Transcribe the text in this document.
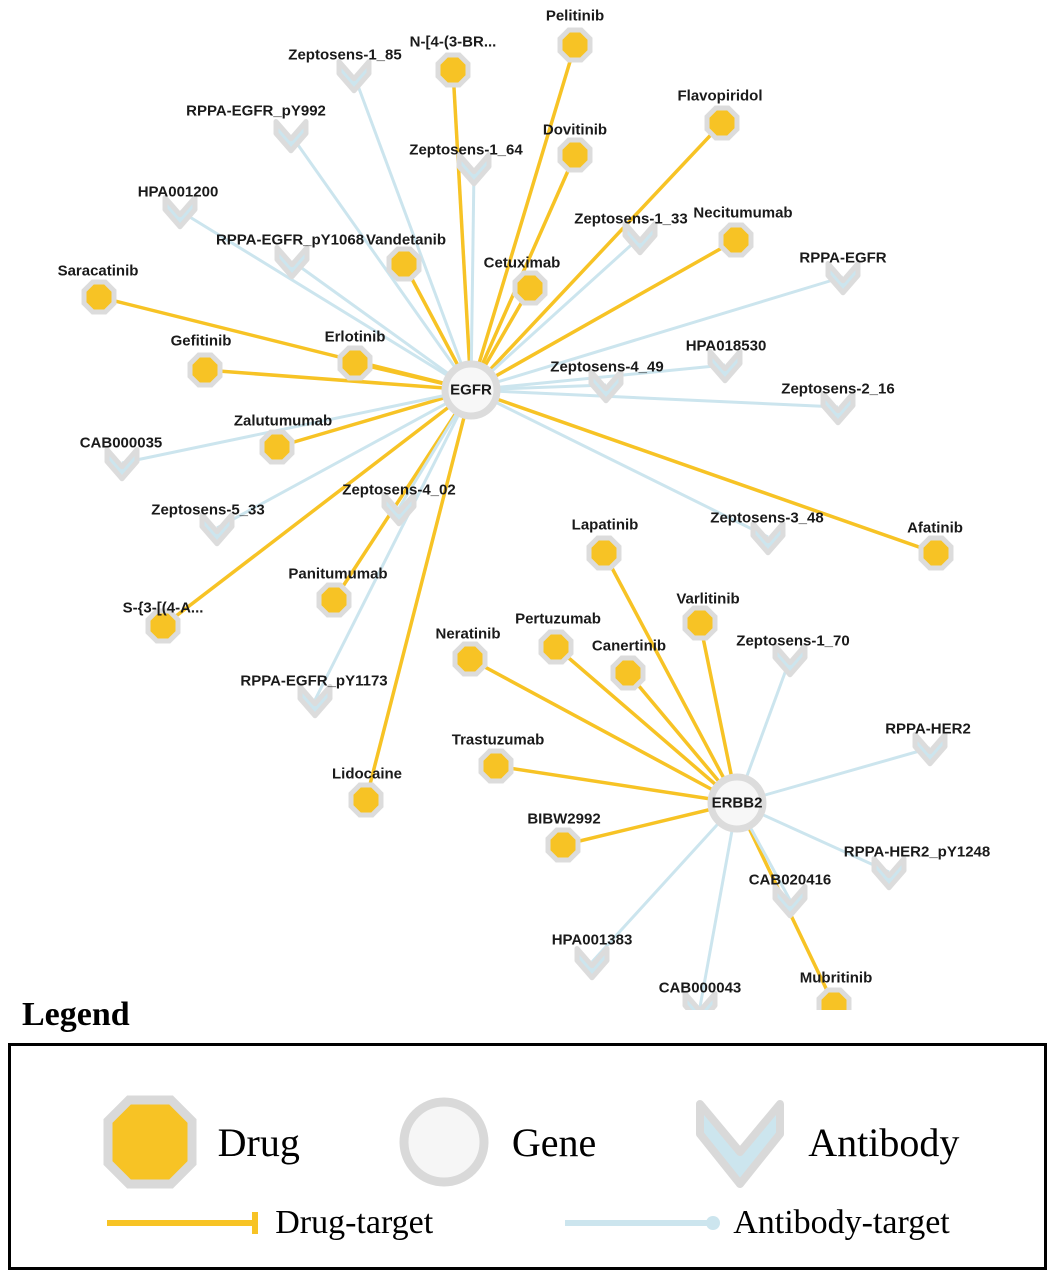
Zeptosens-1_85
RPPA-EGFR_pY992
Zeptosens-1_64
HPA001200
Zeptosens-1_33
RPPA-EGFR_pY1068
RPPA-EGFR
HPA018530
Zeptosens-4_49
Zeptosens-2_16
CAB000035
Zeptosens-4_02
Zeptosens-5_33	Zeptosens-3_48
Zeptosens-1_70
RPPA-EGFR_pY1173
RPPA-HER2
RPPA-HER2_pY1248
CAB020416
HPA001383
CAB000043
Pelitinib
N-[4-(3-BR...
Flavopiridol
Dovitinib
Necitumumab
Vandetanib
Cetuximab
Saracatinib
Erlotinib
Gefitinib
Zalutumumab
Afatinib
Lapatinib
Panitumumab
Varlitinib
S-{3-[(4-A...
Pertuzumab
Neratinib
Canertinib
Trastuzumab
Lidocaine
BIBW2992
Mubritinib
EGFR
ERBB2
Legend
Drug	Gene	Antibody
Drug-target	Antibody-target
